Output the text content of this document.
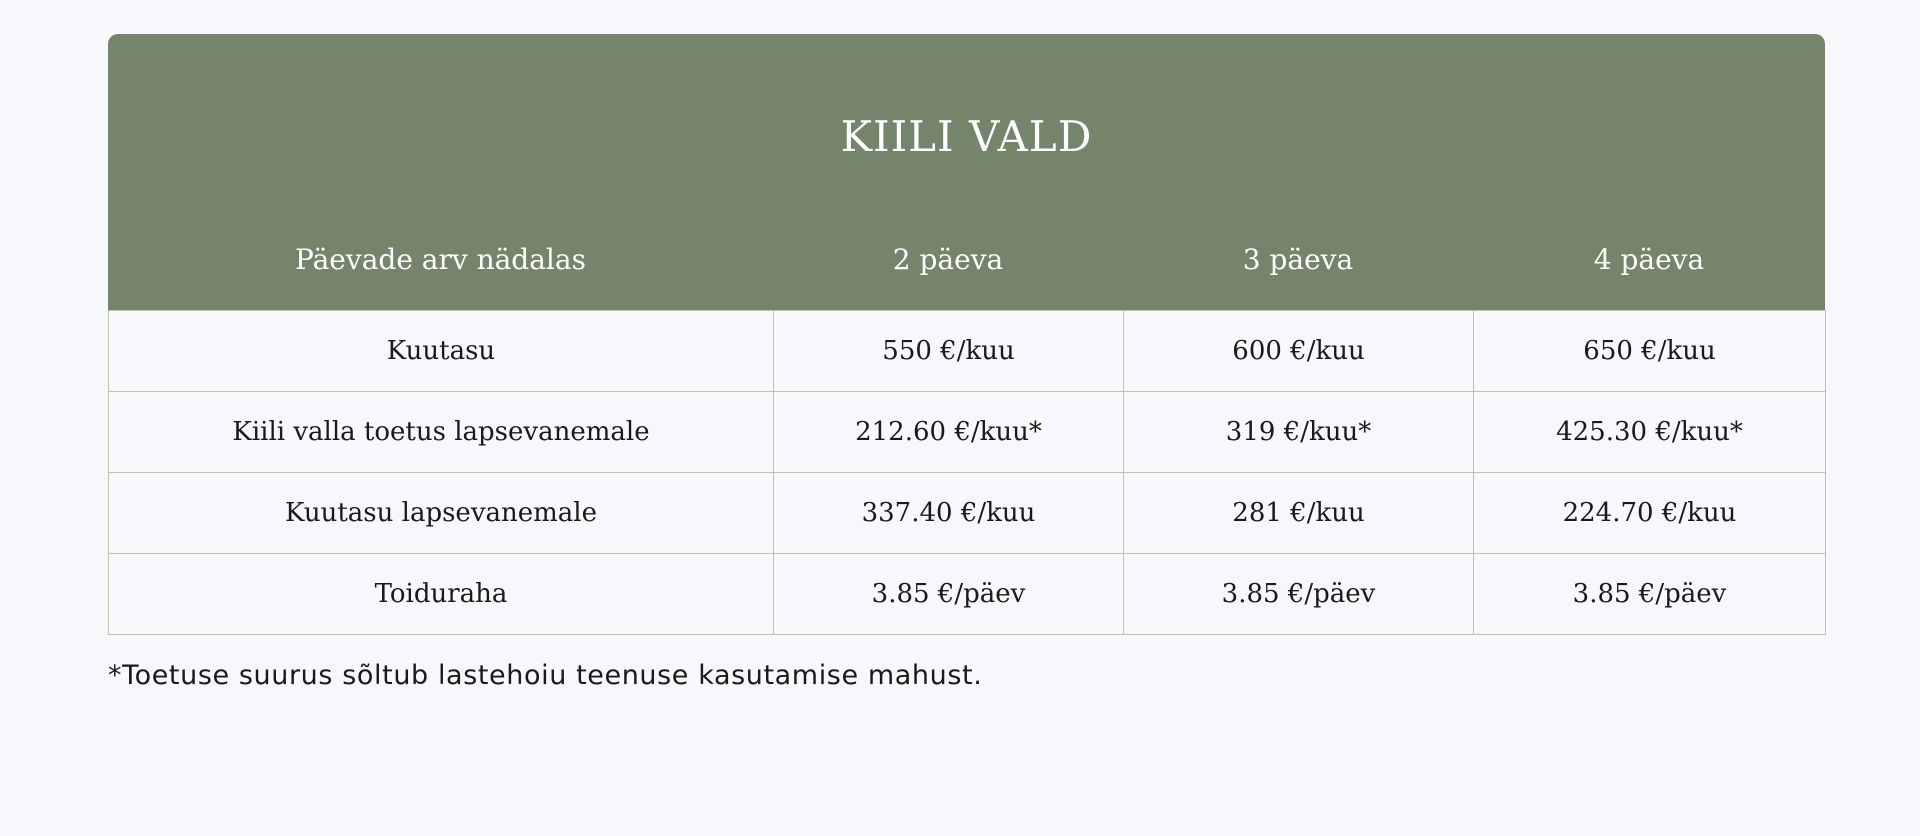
KIILI VALD
Päevade arv nädalas	2 päeva	3 päeva	4 päeva
Kuutasu	550 €/kuu	600 €/kuu	650 €/kuu
Kiili valla toetus lapsevanemale	212.60 €/kuu*	319 €/kuu*	425.30 €/kuu*
Kuutasu lapsevanemale	337.40 €/kuu	281 €/kuu	224.70 €/kuu
Toiduraha	3.85 €/päev	3.85 €/päev	3.85 €/päev
*Toetuse suurus sõltub lastehoiu teenuse kasutamise mahust.
